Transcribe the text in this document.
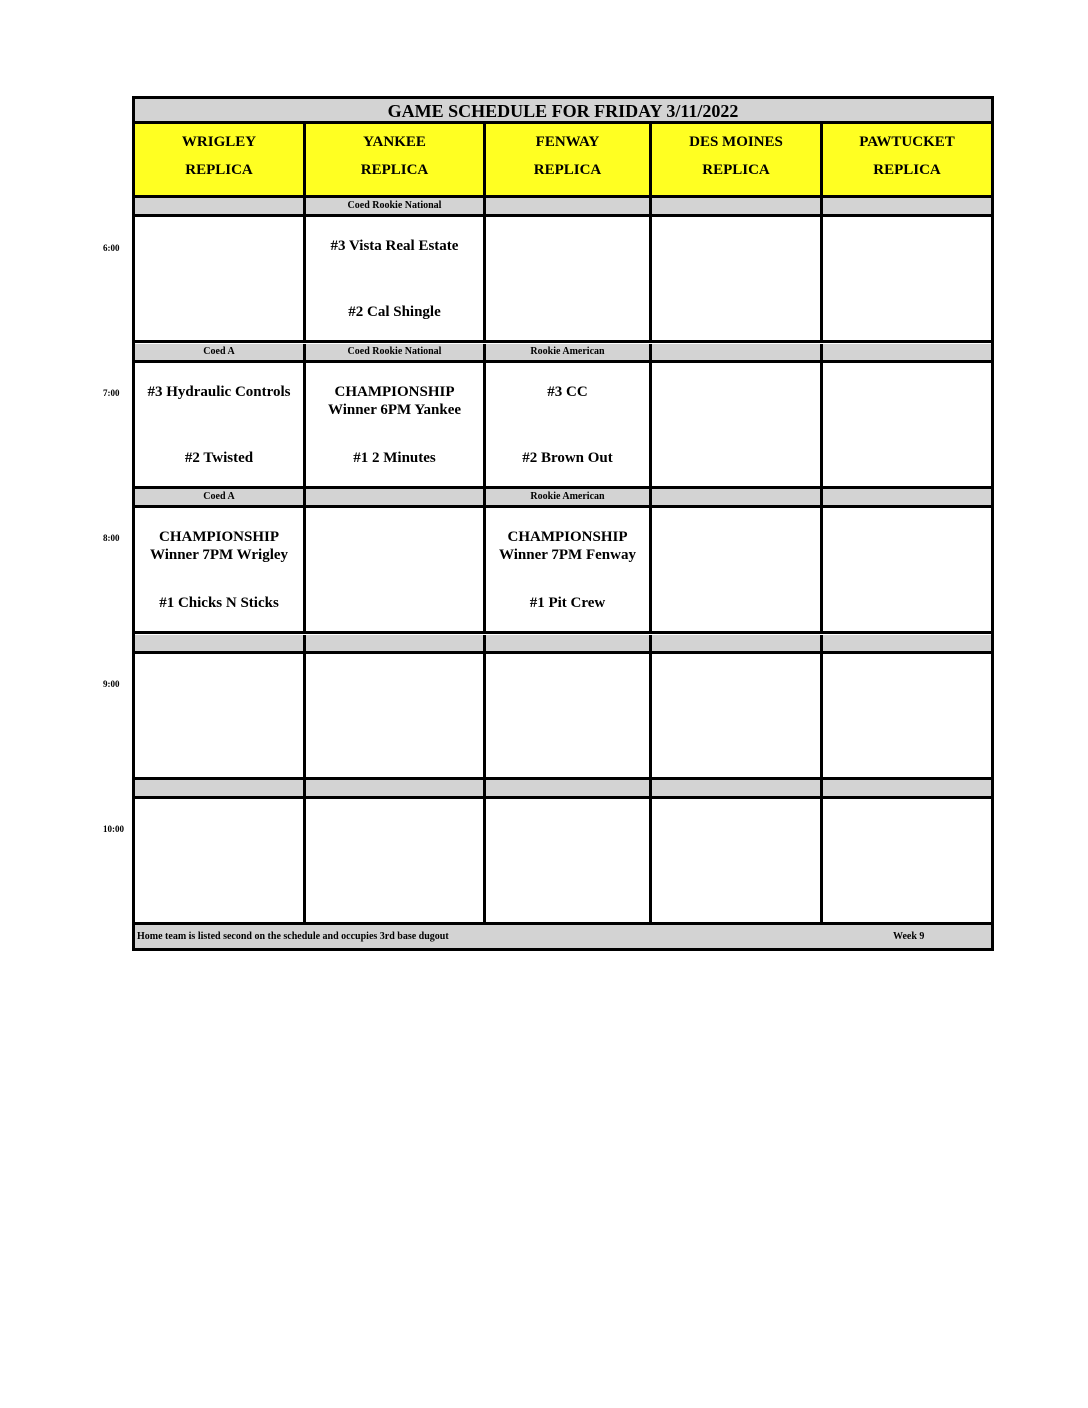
6:00
7:00
8:00
9:00
10:00
GAME SCHEDULE FOR FRIDAY 3/11/2022
WRIGLEY
REPLICA
YANKEE
REPLICA
FENWAY
REPLICA
DES MOINES
REPLICA
PAWTUCKET
REPLICA
Coed Rookie National
#3 Vista Real Estate
#2 Cal Shingle
Coed A
#3 Hydraulic Controls
#2 Twisted
Coed Rookie National
CHAMPIONSHIP
Winner 6PM Yankee
#1 2 Minutes
Rookie American
#3 CC
#2 Brown Out
Coed A
CHAMPIONSHIP
Winner 7PM Wrigley
#1 Chicks N Sticks
Rookie American
CHAMPIONSHIP
Winner 7PM Fenway
#1 Pit Crew
Home team is listed second on the schedule and occupies 3rd base dugout	Week 9
